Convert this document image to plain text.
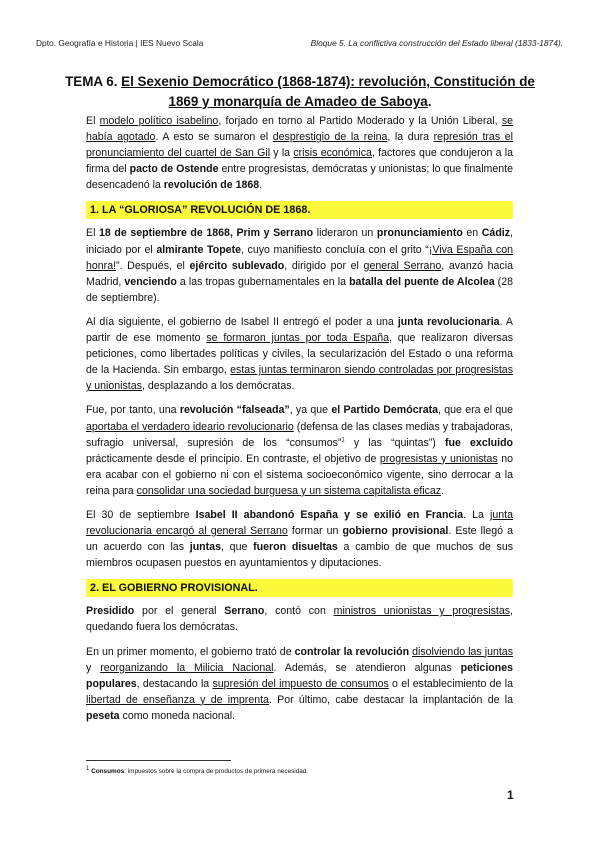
Dpto. Geografía e Historia | IES Nuevo Scala	Bloque 5. La conflictiva construcción del Estado liberal (1833-1874).
TEMA 6. El Sexenio Democrático (1868-1874): revolución, Constitución de 1869 y monarquía de Amadeo de Saboya.

El modelo político isabelino, forjado en torno al Partido Moderado y la Unión Liberal, se había agotado. A esto se sumaron el desprestigio de la reina, la dura represión tras el pronunciamiento del cuartel de San Gil y la crisis económica, factores que condujeron a la firma del pacto de Ostende entre progresistas, demócratas y unionistas; lo que finalmente desencadenó la revolución de 1868.

1. LA “GLORIOSA” REVOLUCIÓN DE 1868.

El 18 de septiembre de 1868, Prim y Serrano lideraron un pronunciamiento en Cádiz, iniciado por el almirante Topete, cuyo manifiesto concluía con el grito “¡Viva España con honra!”. Después, el ejército sublevado, dirigido por el general Serrano, avanzó hacia Madrid, venciendo a las tropas gubernamentales en la batalla del puente de Alcolea (28 de septiembre).

Al día siguiente, el gobierno de Isabel II entregó el poder a una junta revolucionaria. A partir de ese momento se formaron juntas por toda España, que realizaron diversas peticiones, como libertades políticas y civiles, la secularización del Estado o una reforma de la Hacienda. Sin embargo, estas juntas terminaron siendo controladas por progresistas y unionistas, desplazando a los demócratas.

Fue, por tanto, una revolución “falseada”, ya que el Partido Demócrata, que era el que aportaba el verdadero ideario revolucionario (defensa de las clases medias y trabajadoras, sufragio universal, supresión de los “consumos”$^1$ y las “quintas”) fue excluido prácticamente desde el principio. En contraste, el objetivo de progresistas y unionistas no era acabar con el gobierno ni con el sistema socioeconómico vigente, sino derrocar a la reina para consolidar una sociedad burguesa y un sistema capitalista eficaz.

El 30 de septiembre Isabel II abandonó España y se exilió en Francia. La junta revolucionaria encargó al general Serrano formar un gobierno provisional. Este llegó a un acuerdo con las juntas, que fueron disueltas a cambio de que muchos de sus miembros ocupasen puestos en ayuntamientos y diputaciones.

2. EL GOBIERNO PROVISIONAL.

Presidido por el general Serrano, contó con ministros unionistas y progresistas, quedando fuera los demócratas.

En un primer momento, el gobierno trató de controlar la revolución disolviendo las juntas y reorganizando la Milicia Nacional. Además, se atendieron algunas peticiones populares, destacando la supresión del impuesto de consumos o el establecimiento de la libertad de enseñanza y de imprenta. Por último, cabe destacar la implantación de la peseta como moneda nacional.

$^1$ Consumos: impuestos sobre la compra de productos de primera necesidad.
1
